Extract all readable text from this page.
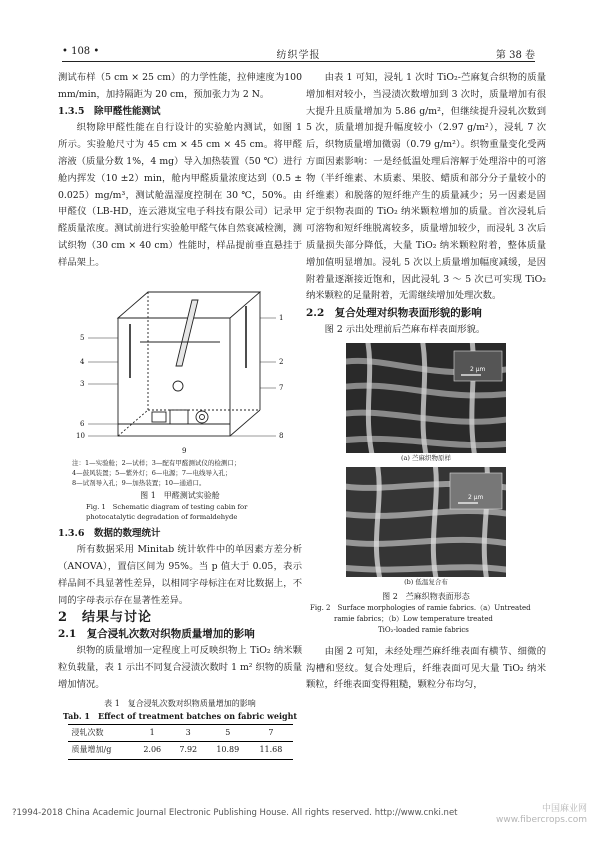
• 108 •	纺织学报	第 38 卷

测试布样（5 cm × 25 cm）的力学性能，拉伸速度为100 mm/min，加持隔距为 20 cm，预加张力为 2 N。

1.3.5　除甲醛性能测试

织物除甲醛性能在自行设计的实验舱内测试，如图 1 所示。实验舱尺寸为 45 cm × 45 cm × 45 cm。将甲醛溶液（质量分数 1%，4 mg）导入加热装置（50 ℃）进行舱内挥发（10 ±2）min，舱内甲醛质量浓度达到（0.5 ± 0.025）mg/m³，测试舱温湿度控制在 30 ℃，50%。由甲醛仪（LB-HD，连云港岚宝电子科技有限公司）记录甲醛质量浓度。测试前进行实验舱甲醛气体自然衰减检测，测试织物（30 cm × 40 cm）性能时，样品提前垂直悬挂于样品架上。

5
4
3
6
10
1
2
7
8
9
注：1—实验舱；2—试样；3—配有甲醛测试仪的检测口；
4—鼓风装置；5—紫外灯；6—电源；7—电线导入孔；
8—试剂导入孔；9—加热装置；10—通道口。
图 1　甲醛测试实验舱
Fig. 1　Schematic diagram of testing cabin for
photocatalytic degradation of formaldehyde

1.3.6　数据的数理统计

所有数据采用 Minitab 统计软件中的单因素方差分析（ANOVA），置信区间为 95%。当 p 值大于 0.05，表示样品间不具显著性差异，以相同字母标注在对比数据上，不同的字母表示存在显著性差异。

2　结果与讨论

2.1　复合浸轧次数对织物质量增加的影响

织物的质量增加一定程度上可反映织物上 TiO₂ 纳米颗粒负载量，表 1 示出不同复合浸渍次数时 1 m² 织物的质量增加情况。

表 1　复合浸轧次数对织物质量增加的影响
Tab. 1　Effect of treatment batches on fabric weight
浸轧次数	1	3	5	7
质量增加/g	2.06	7.92	10.89	11.68

由表 1 可知，浸轧 1 次时 TiO₂-苎麻复合织物的质量增加相对较小，当浸渍次数增加到 3 次时，质量增加有很大提升且质量增加为 5.86 g/m²，但继续提升浸轧次数到 5 次，质量增加提升幅度较小（2.97 g/m²），浸轧 7 次后，织物质量增加微弱（0.79 g/m²）。织物重量变化受两方面因素影响：一是经低温处理后溶解于处理浴中的可溶物（半纤维素、木质素、果胶、蜡质和部分分子量较小的纤维素）和脱落的短纤维产生的质量减少；另一因素是固定于织物表面的 TiO₂ 纳米颗粒增加的质量。首次浸轧后可溶物和短纤维脱离较多，质量增加较少，而浸轧 3 次后质量损失部分降低，大量 TiO₂ 纳米颗粒附着，整体质量增加值明显增加。浸轧 5 次以上质量增加幅度减缓，是因附着量逐渐接近饱和，因此浸轧 3 ～ 5 次已可实现 TiO₂ 纳米颗粒的足量附着，无需继续增加处理次数。

2.2　复合处理对织物表面形貌的影响

图 2 示出处理前后苎麻布样表面形貌。

2 μm
(a) 苎麻织物原样
2 μm
(b) 低温复合布
图 2　苎麻织物表面形态
Fig. 2　Surface morphologies of ramie fabrics.（a）Untreated
ramie fabrics；（b）Low temperature treated
TiO₂-loaded ramie fabrics

由图 2 可知，未经处理苎麻纤维表面有横节、细微的沟槽和竖纹。复合处理后，纤维表面可见大量 TiO₂ 纳米颗粒，纤维表面变得粗糙，颗粒分布均匀，

?1994-2018 China Academic Journal Electronic Publishing House. All rights reserved. http://www.cnki.net	中国麻业网
www.fibercrops.com
